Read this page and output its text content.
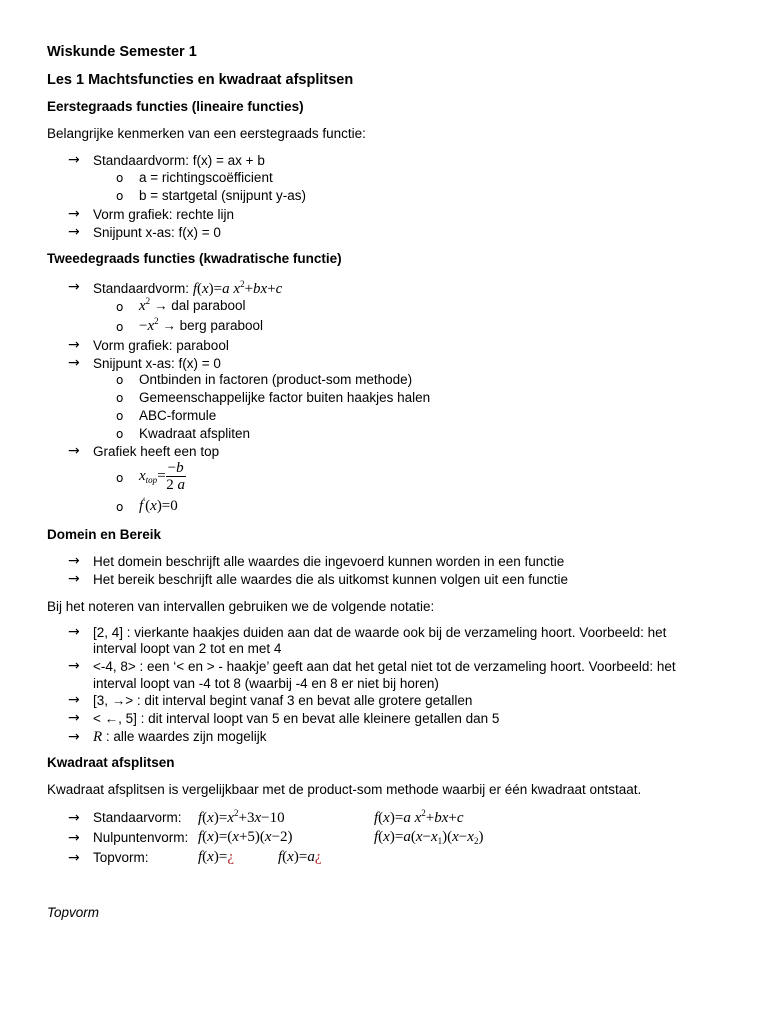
Wiskunde Semester 1
Les 1 Machtsfuncties en kwadraat afsplitsen
Eerstegraads functies (lineaire functies)
Belangrijke kenmerken van een eerstegraads functie:
→ Standaardvorm: f(x) = ax + b
o a = richtingscoëfficient
o b = startgetal (snijpunt y-as)
→ Vorm grafiek: rechte lijn
→ Snijpunt x-as: f(x) = 0
Tweedegraads functies (kwadratische functie)
→ Standaardvorm: f(x)=a $x^2+bx+c$
o $x^2$ → dal parabool
$o -x^2$ → berg parabool
→ Vorm grafiek: parabool
→ Snijpunt x-as: f(x) = 0
o Ontbinden in factoren (product-som methode)
o Gemeenschappelijke factor buiten haakjes halen
o ABC-formule
o Kwadraat afspliten
→ Grafiek heeft een top
o $x_{top}= \frac{-b}{2 a}$
o f′(x)=0
Domein en Bereik
→ Het domein beschrijft alle waardes die ingevoerd kunnen worden in een functie
→ Het bereik beschrijft alle waardes die als uitkomst kunnen volgen uit een functie
Bij het noteren van intervallen gebruiken we de volgende notatie:
→ [2, 4] : vierkante haakjes duiden aan dat de waarde ook bij de verzameling hoort. Voorbeeld: het
interval loopt van 2 tot en met 4
→ <-4, 8> : een ‘< en > - haakje’ geeft aan dat het getal niet tot de verzameling hoort. Voorbeeld: het
interval loopt van -4 tot 8 (waarbij -4 en 8 er niet bij horen)
→ [3, →> : dit interval begint vanaf 3 en bevat alle grotere getallen
→ < ←, 5] : dit interval loopt van 5 en bevat alle kleinere getallen dan 5
→ R : alle waardes zijn mogelijk
Kwadraat afsplitsen
Kwadraat afsplitsen is vergelijkbaar met de product-som methode waarbij er één kwadraat ontstaat.
→ Standaarvorm: $f(x)=x^2+3x-10$	f(x)=a $x^2+bx+c$
→ Nulpuntenvorm: f(x)=(x+5)(x−2)	$f(x)=a(x-x_1)(x-x_2)$
→ Topvorm:	f(x)=¿	f(x)=a¿
Topvorm
